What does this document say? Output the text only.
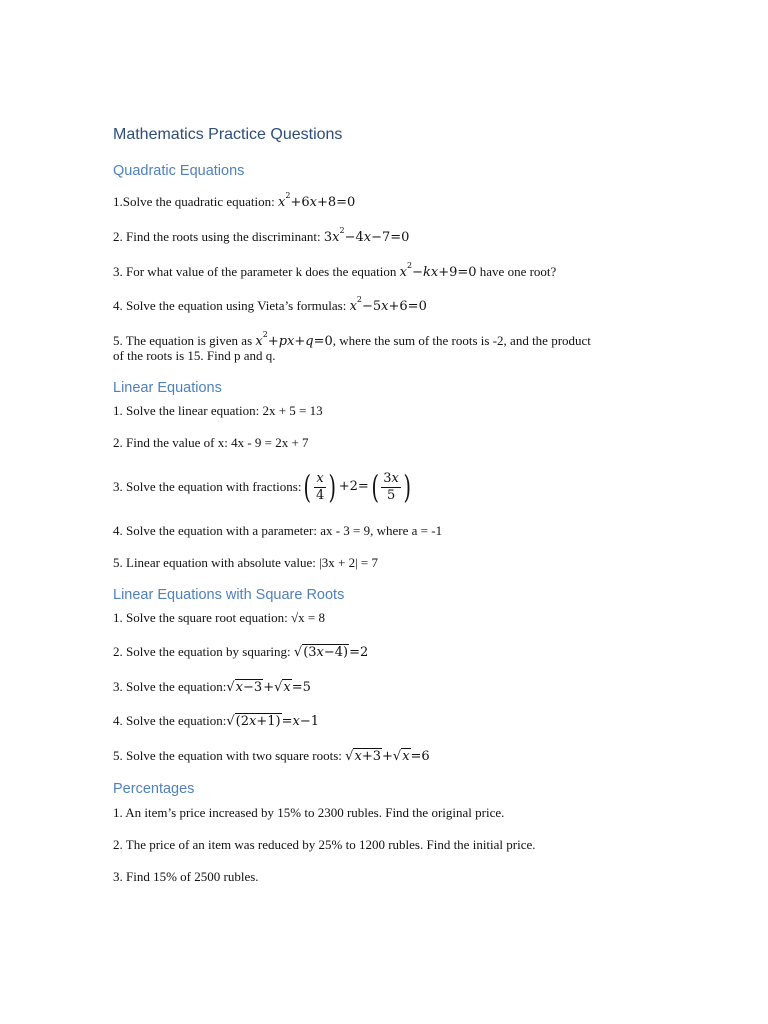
Mathematics Practice Questions
Quadratic Equations
1.Solve the quadratic equation: $x^2+6x+8=0$
2. Find the roots using the discriminant: $3x^2-4x-7=0$
3. For what value of the parameter k does the equation $x^2-kx+9=0$ have one root?
4. Solve the equation using Vieta’s formulas: $x^2-5x+6=0$
5. The equation is given as $x^2+px+q=0$, where the sum of the roots is -2, and the product
of the roots is 15. Find p and q.
Linear Equations
1. Solve the linear equation: 2x + 5 = 13
2. Find the value of x: 4x - 9 = 2x + 7
3. Solve the equation with fractions: ( $\frac{x}{4}$ ) +2= ( $\frac{3x}{5}$ )
4. Solve the equation with a parameter: ax - 3 = 9, where a = -1
5. Linear equation with absolute value: |3x + 2| = 7
Linear Equations with Square Roots
1. Solve the square root equation: √x = 8
2. Solve the equation by squaring: √(3x−4)=2
3. Solve the equation:√x−3+√x=5
4. Solve the equation:√(2x+1)=x−1
5. Solve the equation with two square roots: √x+3+√x=6
Percentages
1. An item’s price increased by 15% to 2300 rubles. Find the original price.
2. The price of an item was reduced by 25% to 1200 rubles. Find the initial price.
3. Find 15% of 2500 rubles.
